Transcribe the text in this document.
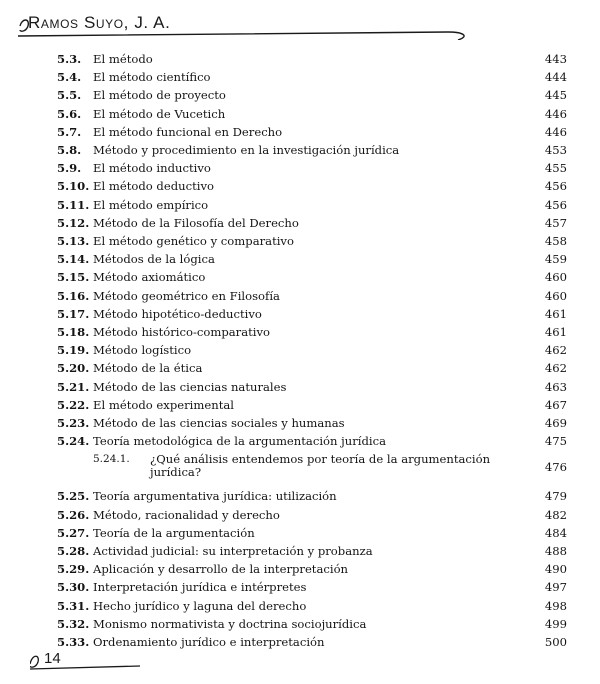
Ramos Suyo, J. A.
5.3. El método	443
5.4. El método científico	444
5.5. El método de proyecto	445
5.6. El método de Vucetich	446
5.7. El método funcional en Derecho	446
5.8. Método y procedimiento en la investigación jurídica	453
5.9. El método inductivo	455
5.10. El método deductivo	456
5.11. El método empírico	456
5.12. Método de la Filosofía del Derecho	457
5.13. El método genético y comparativo	458
5.14. Métodos de la lógica	459
5.15. Método axiomático	460
5.16. Método geométrico en Filosofía	460
5.17. Método hipotético-deductivo	461
5.18. Método histórico-comparativo	461
5.19. Método logístico	462
5.20. Método de la ética	462
5.21. Método de las ciencias naturales	463
5.22. El método experimental	467
5.23. Método de las ciencias sociales y humanas	469
5.24. Teoría metodológica de la argumentación jurídica	475
5.24.1. ¿Qué análisis entendemos por teoría de la argumentación jurídica?	476
5.25. Teoría argumentativa jurídica: utilización	479
5.26. Método, racionalidad y derecho	482
5.27. Teoría de la argumentación	484
5.28. Actividad judicial: su interpretación y probanza	488
5.29. Aplicación y desarrollo de la interpretación	490
5.30. Interpretación jurídica e intérpretes	497
5.31. Hecho jurídico y laguna del derecho	498
5.32. Monismo normativista y doctrina sociojurídica	499
5.33. Ordenamiento jurídico e interpretación	500
14
